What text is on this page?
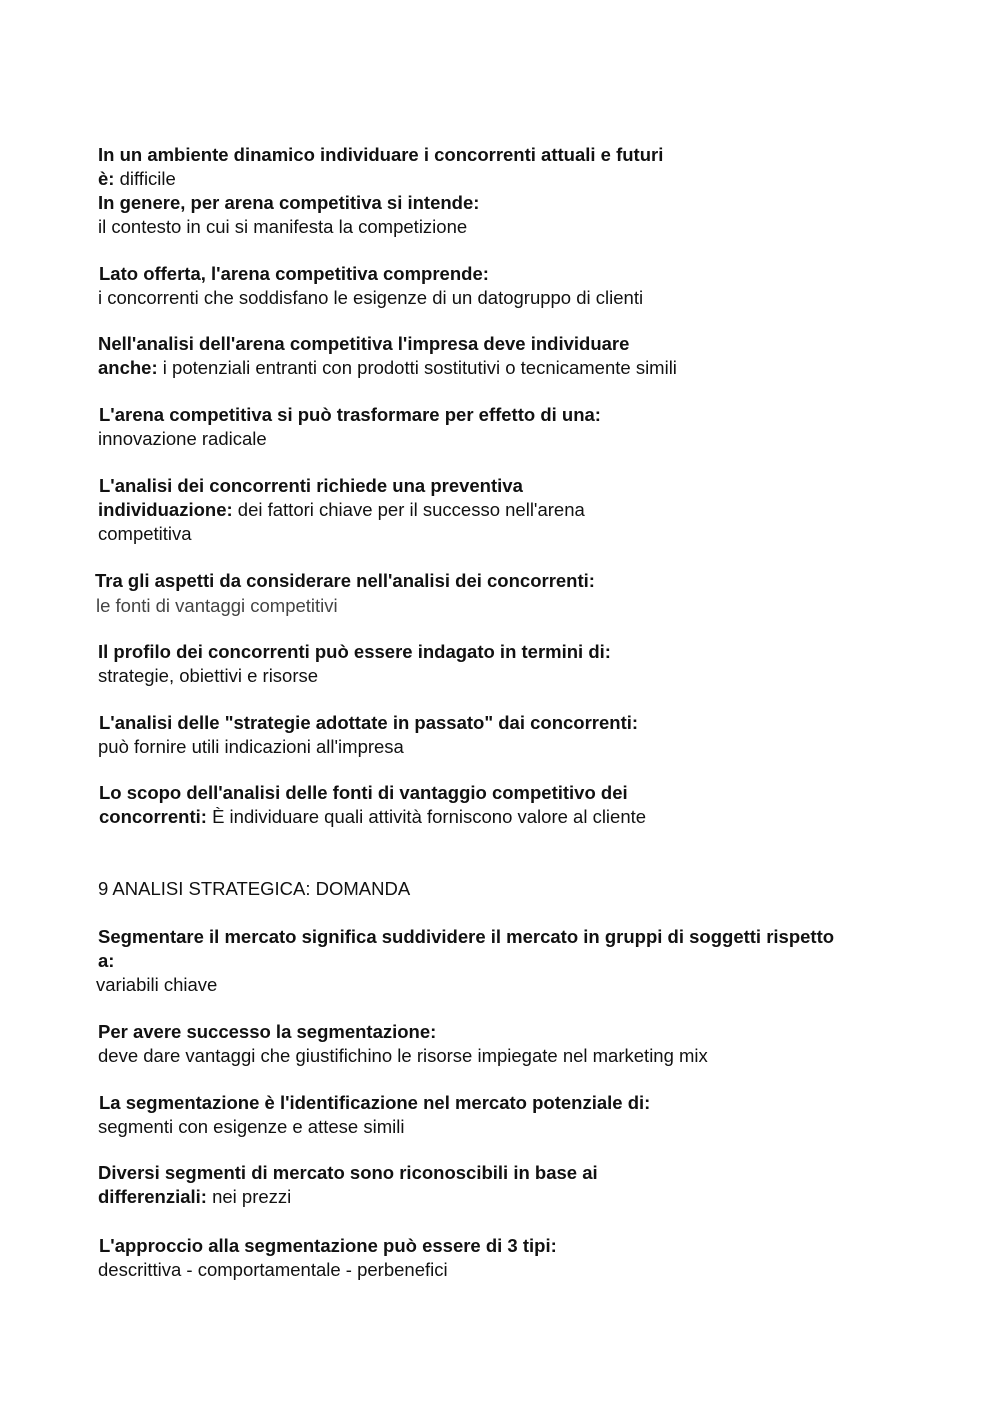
In un ambiente dinamico individuare i concorrenti attuali e futuri
è: difficile
In genere, per arena competitiva si intende:
il contesto in cui si manifesta la competizione
Lato offerta, l'arena competitiva comprende:
i concorrenti che soddisfano le esigenze di un datogruppo di clienti
Nell'analisi dell'arena competitiva l'impresa deve individuare
anche: i potenziali entranti con prodotti sostitutivi o tecnicamente simili
L'arena competitiva si può trasformare per effetto di una:
innovazione radicale
L'analisi dei concorrenti richiede una preventiva
individuazione: dei fattori chiave per il successo nell'arena
competitiva
Tra gli aspetti da considerare nell'analisi dei concorrenti:
le fonti di vantaggi competitivi
Il profilo dei concorrenti può essere indagato in termini di:
strategie, obiettivi e risorse
L'analisi delle "strategie adottate in passato" dai concorrenti:
può fornire utili indicazioni all'impresa
Lo scopo dell'analisi delle fonti di vantaggio competitivo dei
concorrenti: È individuare quali attività forniscono valore al cliente
9 ANALISI STRATEGICA: DOMANDA
Segmentare il mercato significa suddividere il mercato in gruppi di soggetti rispetto
a:
variabili chiave
Per avere successo la segmentazione:
deve dare vantaggi che giustifichino le risorse impiegate nel marketing mix
La segmentazione è l'identificazione nel mercato potenziale di:
segmenti con esigenze e attese simili
Diversi segmenti di mercato sono riconoscibili in base ai
differenziali: nei prezzi
L'approccio alla segmentazione può essere di 3 tipi:
descrittiva - comportamentale - perbenefici
